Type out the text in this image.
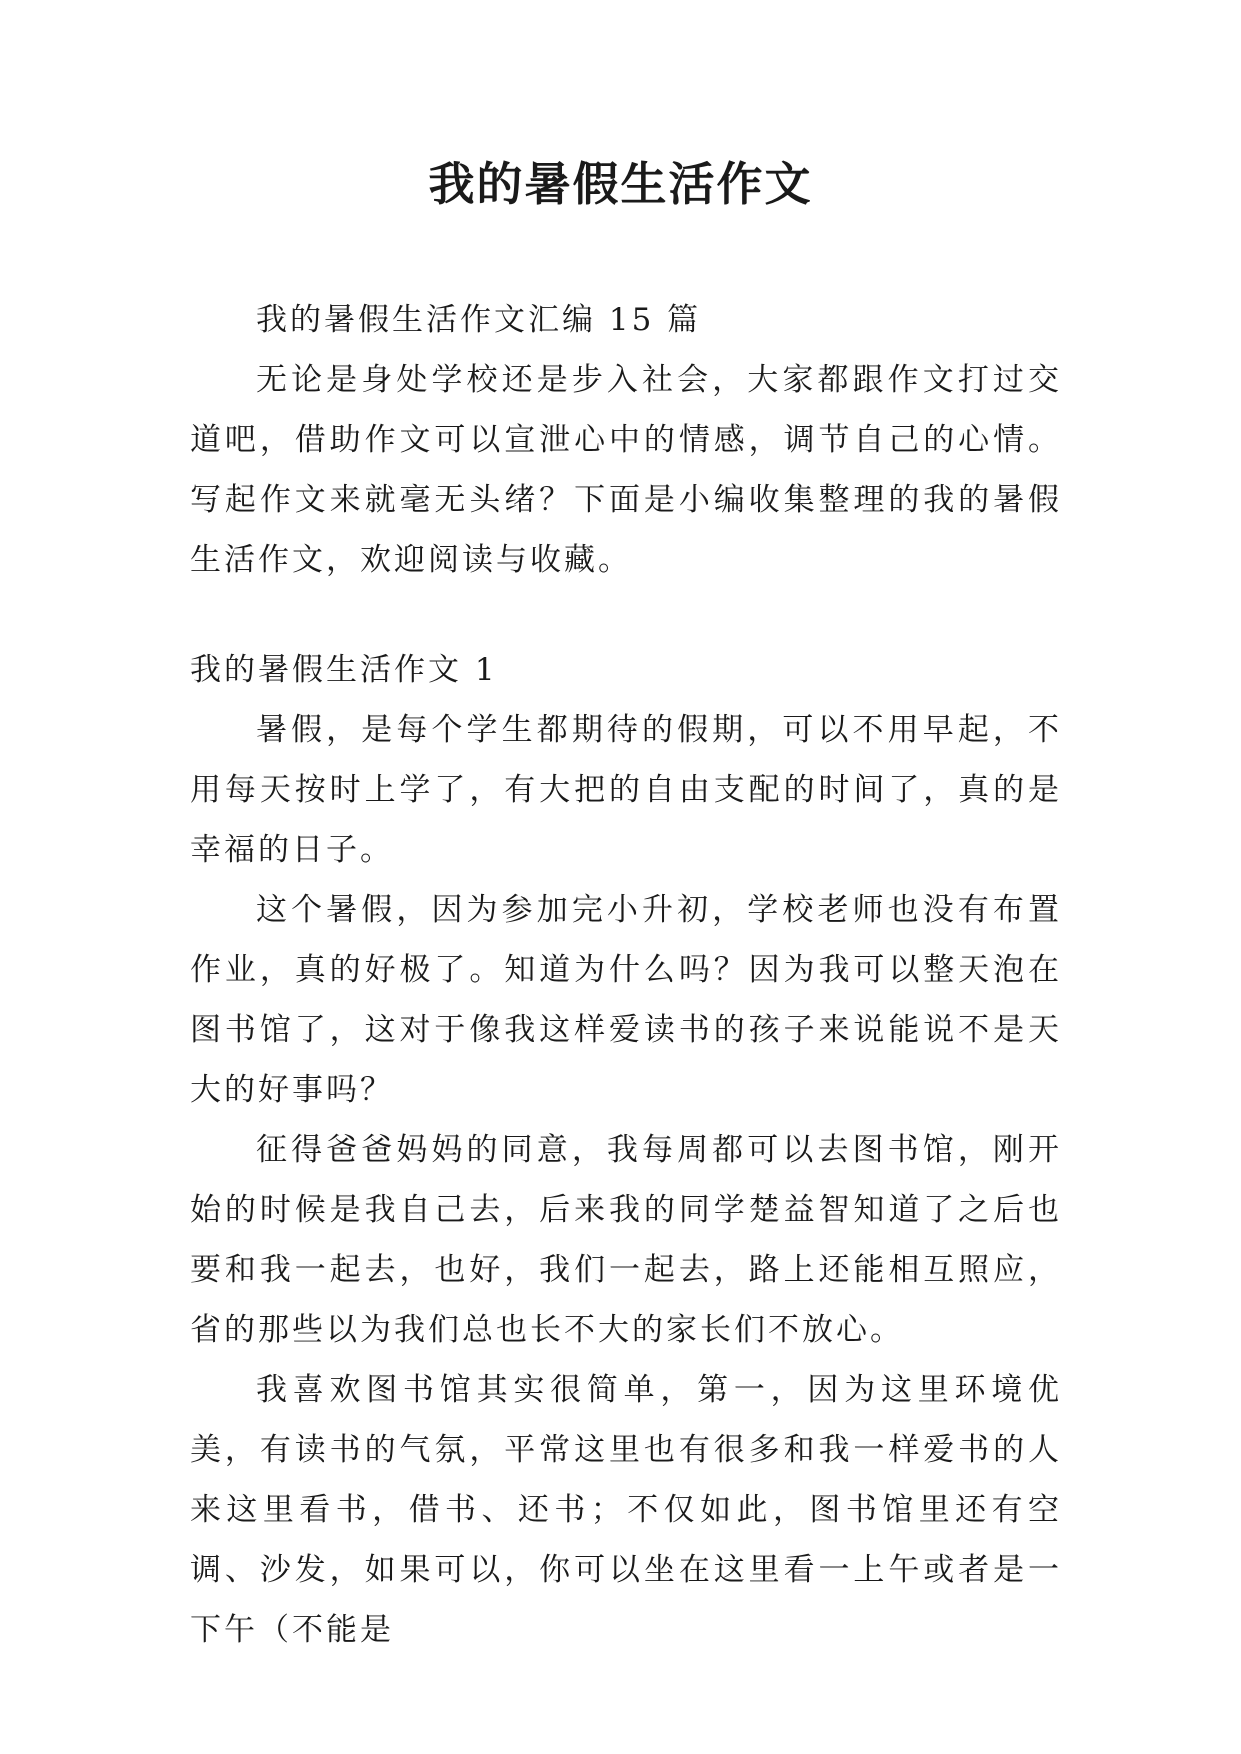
我的暑假生活作文

我的暑假生活作文汇编 15 篇

无论是身处学校还是步入社会，大家都跟作文打过交道吧，借助作文可以宣泄心中的情感，调节自己的心情。写起作文来就毫无头绪？下面是小编收集整理的我的暑假生活作文，欢迎阅读与收藏。

我的暑假生活作文 1

暑假，是每个学生都期待的假期，可以不用早起，不用每天按时上学了，有大把的自由支配的时间了，真的是幸福的日子。

这个暑假，因为参加完小升初，学校老师也没有布置作业，真的好极了。知道为什么吗？因为我可以整天泡在图书馆了，这对于像我这样爱读书的孩子来说能说不是天大的好事吗？

征得爸爸妈妈的同意，我每周都可以去图书馆，刚开始的时候是我自己去，后来我的同学楚益智知道了之后也要和我一起去，也好，我们一起去，路上还能相互照应，省的那些以为我们总也长不大的家长们不放心。

我喜欢图书馆其实很简单，第一，因为这里环境优美，有读书的气氛，平常这里也有很多和我一样爱书的人来这里看书，借书、还书；不仅如此，图书馆里还有空调、沙发，如果可以，你可以坐在这里看一上午或者是一下午（不能是
